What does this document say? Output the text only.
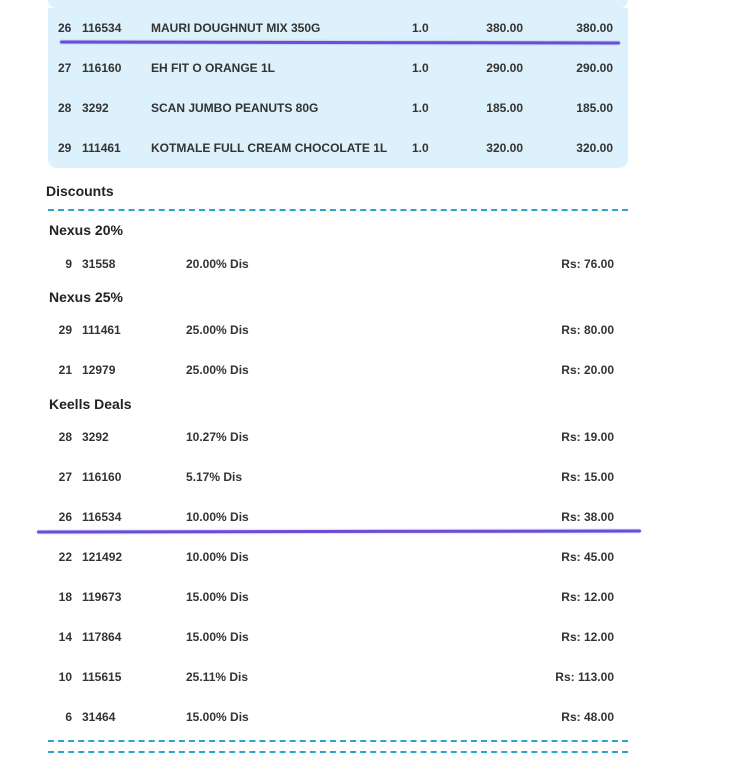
26 116534 MAURI DOUGHNUT MIX 350G	1.0	380.00	380.00
27 116160 EH FIT O ORANGE 1L	1.0	290.00	290.00
28 3292	SCAN JUMBO PEANUTS 80G	1.0	185.00	185.00
29 111461	KOTMALE FULL CREAM CHOCOLATE 1L 1.0	320.00	320.00
Discounts
Nexus 20%
9 31558	20.00% Dis	Rs: 76.00
Nexus 25%
29 111461	25.00% Dis	Rs: 80.00
21 12979	25.00% Dis	Rs: 20.00
Keells Deals
28 3292	10.27% Dis	Rs: 19.00
27 116160	5.17% Dis	Rs: 15.00
26 116534	10.00% Dis	Rs: 38.00
22 121492	10.00% Dis	Rs: 45.00
18 119673	15.00% Dis	Rs: 12.00
14 117864	15.00% Dis	Rs: 12.00
10 115615	25.11% Dis	Rs: 113.00
6 31464	15.00% Dis	Rs: 48.00
